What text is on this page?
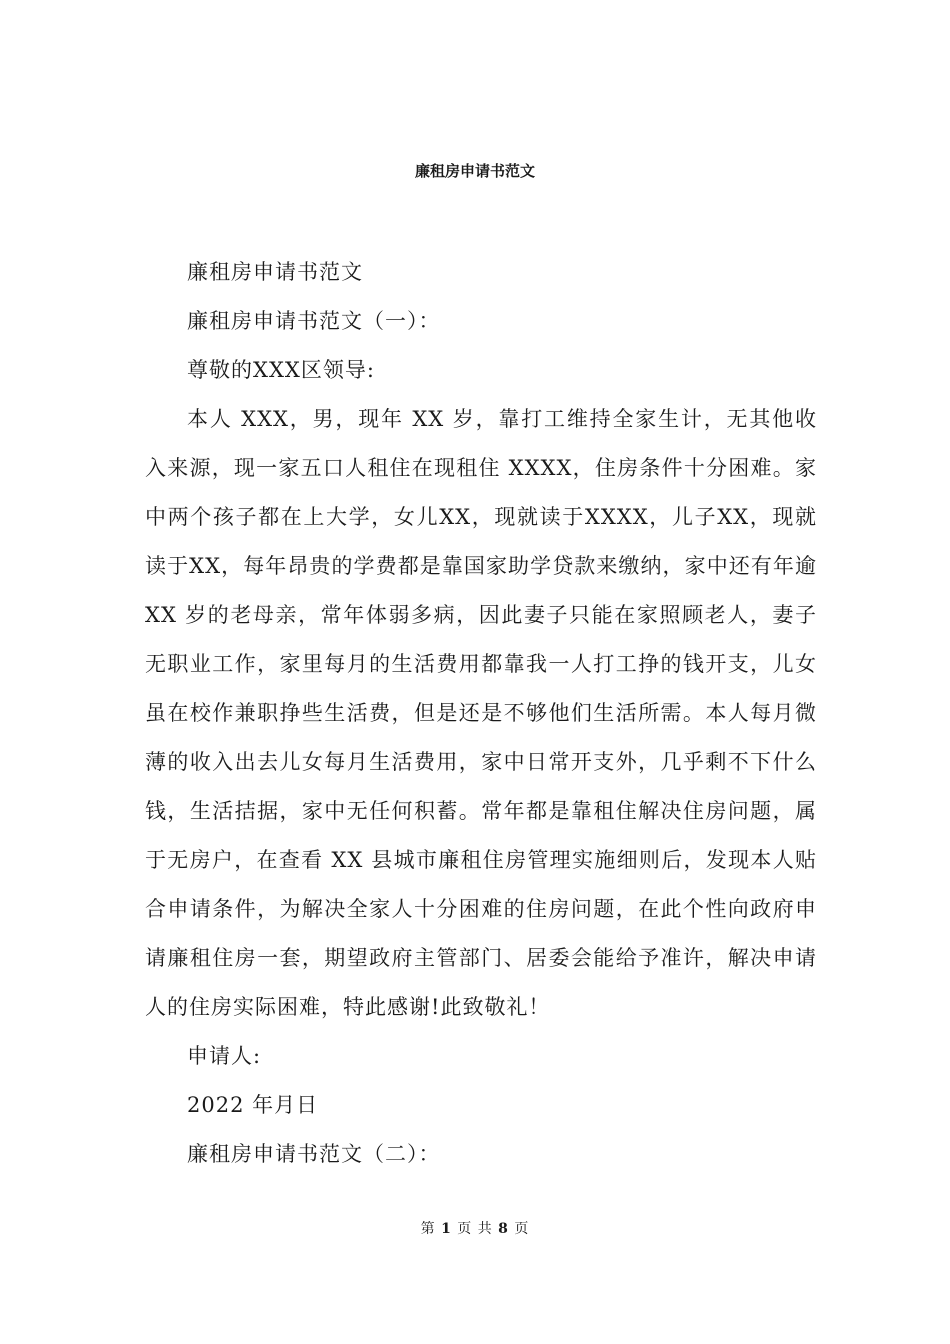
廉租房申请书范文

廉租房申请书范文

廉租房申请书范文（一）：

尊敬的XXX区领导:

本人 XXX，男，现年 XX 岁，靠打工维持全家生计，无其他收入来源，现一家五口人租住在现租住 XXXX，住房条件十分困难。家中两个孩子都在上大学，女儿XX，现就读于XXXX，儿子XX，现就读于XX，每年昂贵的学费都是靠国家助学贷款来缴纳，家中还有年逾 XX 岁的老母亲，常年体弱多病，因此妻子只能在家照顾老人，妻子无职业工作，家里每月的生活费用都靠我一人打工挣的钱开支，儿女虽在校作兼职挣些生活费，但是还是不够他们生活所需。本人每月微薄的收入出去儿女每月生活费用，家中日常开支外，几乎剩不下什么钱，生活拮据，家中无任何积蓄。常年都是靠租住解决住房问题，属于无房户，在查看 XX 县城市廉租住房管理实施细则后，发现本人贴合申请条件，为解决全家人十分困难的住房问题，在此个性向政府申请廉租住房一套，期望政府主管部门、居委会能给予准许，解决申请人的住房实际困难，特此感谢!此致敬礼！

申请人:

2022 年月日

廉租房申请书范文（二）：

第 1 页 共 8 页
